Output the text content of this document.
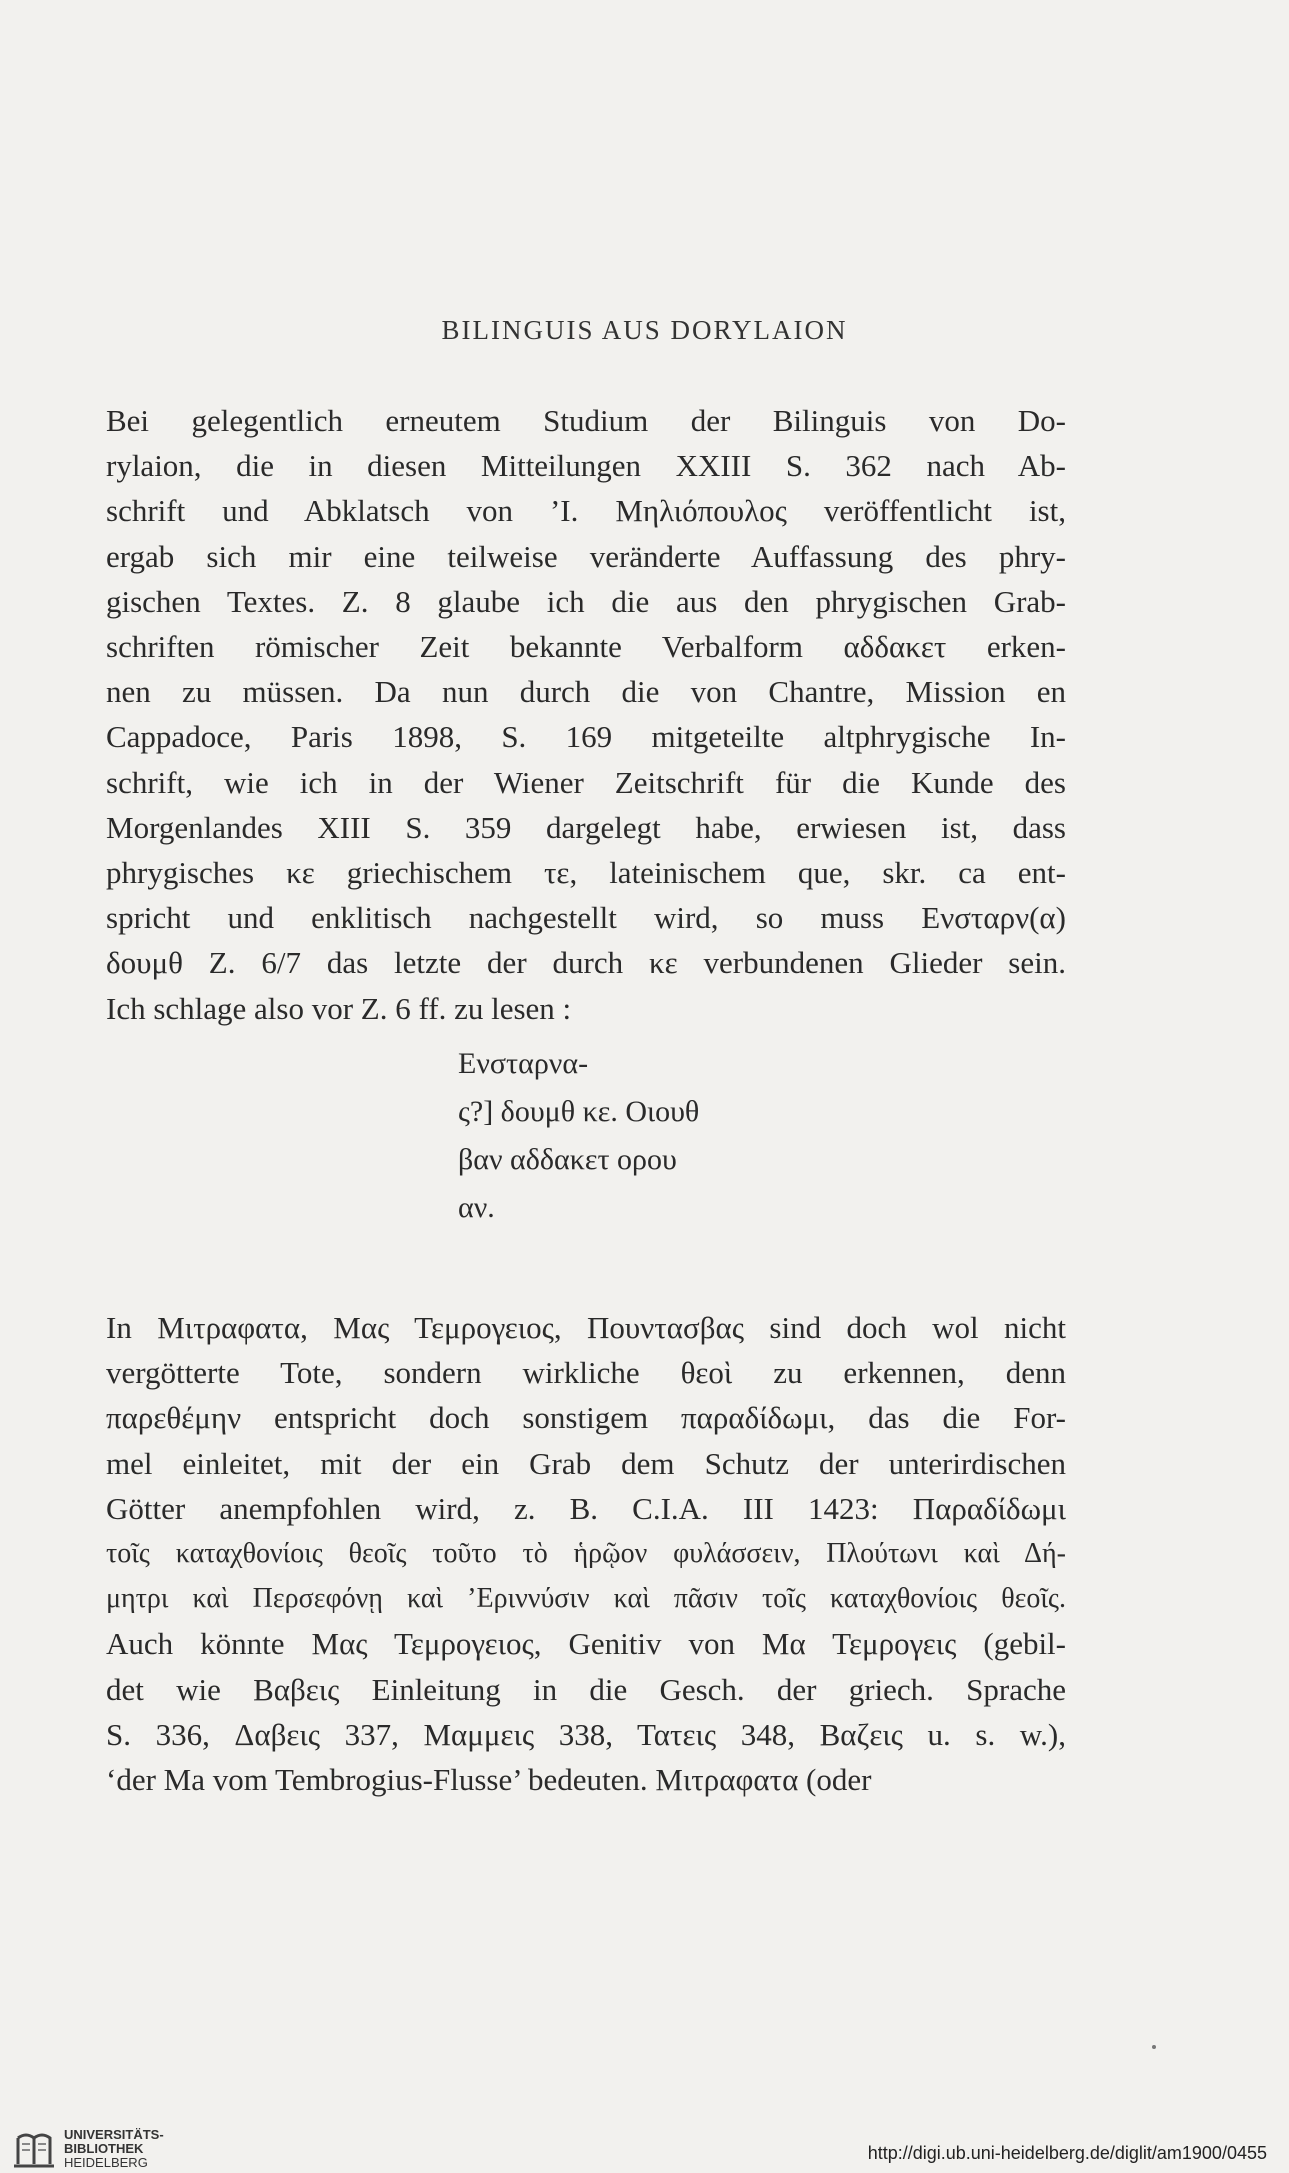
BILINGUIS AUS DORYLAION
Bei gelegentlich erneutem Studium der Bilinguis von Do-
rylaion, die in diesen Mitteilungen XXIII S. 362 nach Ab-
schrift und Abklatsch von ’I. Μηλιόπουλος veröffentlicht ist,
ergab sich mir eine teilweise veränderte Auffassung des phry-
gischen Textes. Z. 8 glaube ich die aus den phrygischen Grab-
schriften römischer Zeit bekannte Verbalform αδδακετ erken-
nen zu müssen. Da nun durch die von Chantre, Mission en
Cappadoce, Paris 1898, S. 169 mitgeteilte altphrygische In-
schrift, wie ich in der Wiener Zeitschrift für die Kunde des
Morgenlandes XIII S. 359 dargelegt habe, erwiesen ist, dass
phrygisches κε griechischem τε, lateinischem que, skr. ca ent-
spricht und enklitisch nachgestellt wird, so muss Ενσταρν(α)
δουμθ Z. 6/7 das letzte der durch κε verbundenen Glieder sein.
Ich schlage also vor Z. 6 ff. zu lesen :
Ενσταρνα-
ς?] δουμθ κε. Οιουθ
βαν αδδακετ ορου
αν.
In Μιτραφατα, Μας Τεμρογειος, Πουντασβας sind doch wol nicht
vergötterte Tote, sondern wirkliche θεοὶ zu erkennen, denn
παρεθέμην entspricht doch sonstigem παραδίδωμι, das die For-
mel einleitet, mit der ein Grab dem Schutz der unterirdischen
Götter anempfohlen wird, z. B. C.I.A. III 1423: Παραδίδωμι
τοῖς καταχθονίοις θεοῖς τοῦτο τὸ ἡρῷον φυλάσσειν, Πλούτωνι καὶ Δή-
μητρι καὶ Περσεφόνῃ καὶ ’Εριννύσιν καὶ πᾶσιν τοῖς καταχθονίοις θεοῖς.
Auch könnte Μας Τεμρογειος, Genitiv von Μα Τεμρογεις (gebil-
det wie Βαβεις Einleitung in die Gesch. der griech. Sprache
S. 336, Δαβεις 337, Μαμμεις 338, Τατεις 348, Βαζεις u. s. w.),
‘der Ma vom Tembrogius-Flusse’ bedeuten. Μιτραφατα (oder
UNIVERSITÄTS-
BIBLIOTHEK
HEIDELBERG	http://digi.ub.uni-heidelberg.de/diglit/am1900/0455
